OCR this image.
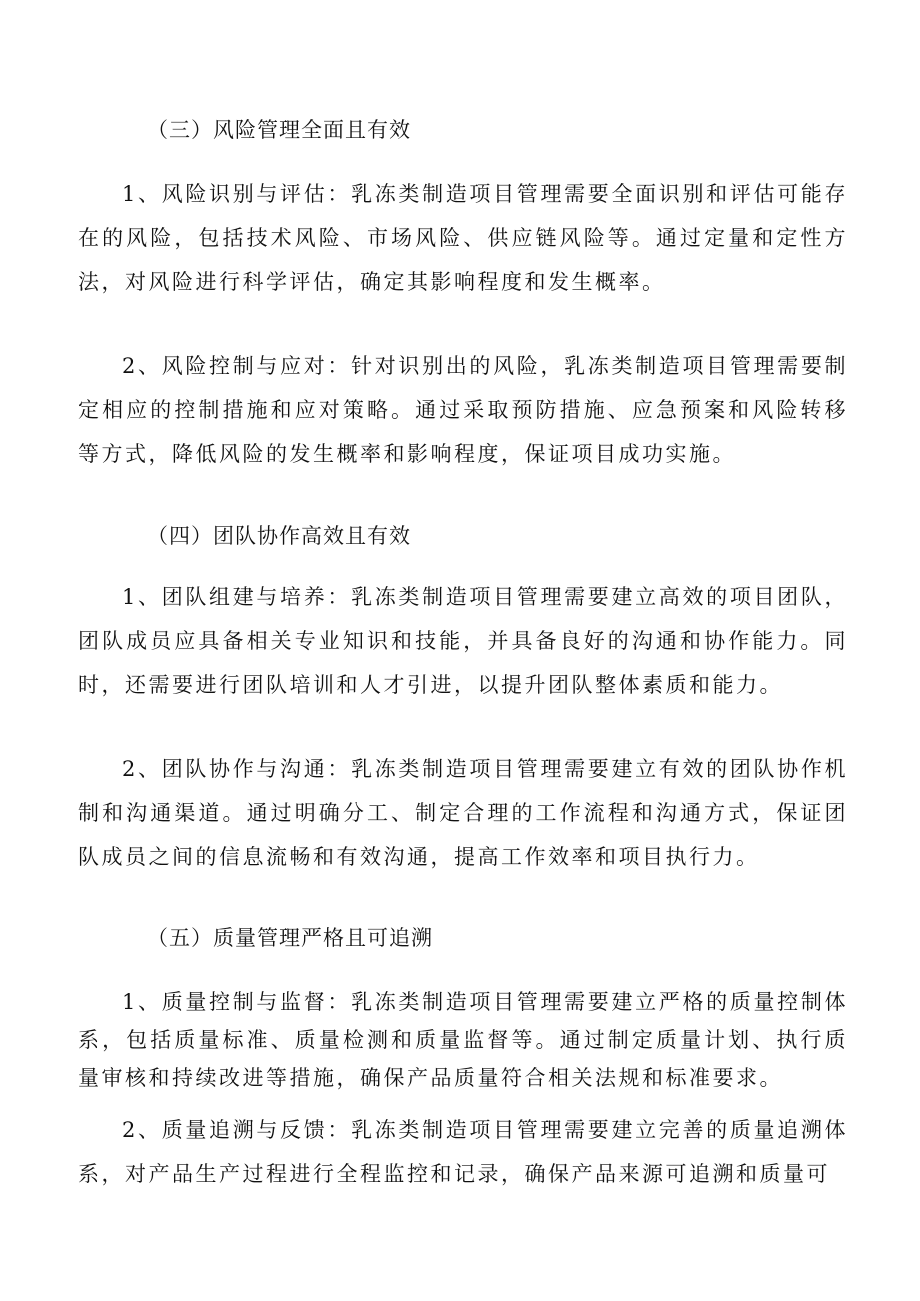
（三）风险管理全面且有效
1、风险识别与评估：乳冻类制造项目管理需要全面识别和评估可能存在的风险，包括技术风险、市场风险、供应链风险等。通过定量和定性方法，对风险进行科学评估，确定其影响程度和发生概率。
2、风险控制与应对：针对识别出的风险，乳冻类制造项目管理需要制定相应的控制措施和应对策略。通过采取预防措施、应急预案和风险转移等方式，降低风险的发生概率和影响程度，保证项目成功实施。
（四）团队协作高效且有效
1、团队组建与培养：乳冻类制造项目管理需要建立高效的项目团队，团队成员应具备相关专业知识和技能，并具备良好的沟通和协作能力。同时，还需要进行团队培训和人才引进，以提升团队整体素质和能力。
2、团队协作与沟通：乳冻类制造项目管理需要建立有效的团队协作机制和沟通渠道。通过明确分工、制定合理的工作流程和沟通方式，保证团队成员之间的信息流畅和有效沟通，提高工作效率和项目执行力。
（五）质量管理严格且可追溯
1、质量控制与监督：乳冻类制造项目管理需要建立严格的质量控制体系，包括质量标准、质量检测和质量监督等。通过制定质量计划、执行质量审核和持续改进等措施，确保产品质量符合相关法规和标准要求。
2、质量追溯与反馈：乳冻类制造项目管理需要建立完善的质量追溯体系，对产品生产过程进行全程监控和记录，确保产品来源可追溯和质量可
